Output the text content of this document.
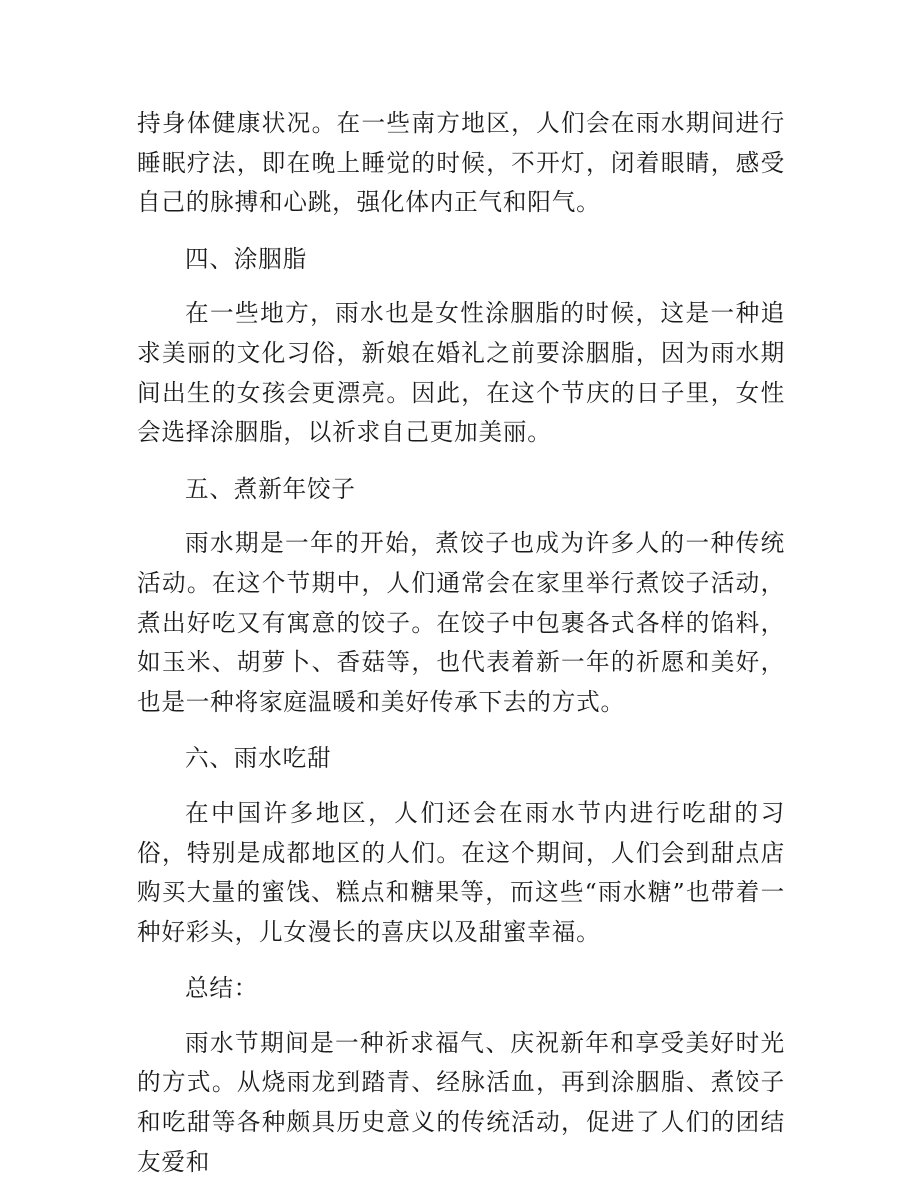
持身体健康状况。在一些南方地区，人们会在雨水期间进行睡眠疗法，即在晚上睡觉的时候，不开灯，闭着眼睛，感受自己的脉搏和心跳，强化体内正气和阳气。

四、涂胭脂

在一些地方，雨水也是女性涂胭脂的时候，这是一种追求美丽的文化习俗，新娘在婚礼之前要涂胭脂，因为雨水期间出生的女孩会更漂亮。因此，在这个节庆的日子里，女性会选择涂胭脂，以祈求自己更加美丽。

五、煮新年饺子

雨水期是一年的开始，煮饺子也成为许多人的一种传统活动。在这个节期中，人们通常会在家里举行煮饺子活动，煮出好吃又有寓意的饺子。在饺子中包裹各式各样的馅料，如玉米、胡萝卜、香菇等，也代表着新一年的祈愿和美好，也是一种将家庭温暖和美好传承下去的方式。

六、雨水吃甜

在中国许多地区，人们还会在雨水节内进行吃甜的习俗，特别是成都地区的人们。在这个期间，人们会到甜点店购买大量的蜜饯、糕点和糖果等，而这些“雨水糖”也带着一种好彩头，儿女漫长的喜庆以及甜蜜幸福。

总结：

雨水节期间是一种祈求福气、庆祝新年和享受美好时光的方式。从烧雨龙到踏青、经脉活血，再到涂胭脂、煮饺子和吃甜等各种颇具历史意义的传统活动，促进了人们的团结友爱和
